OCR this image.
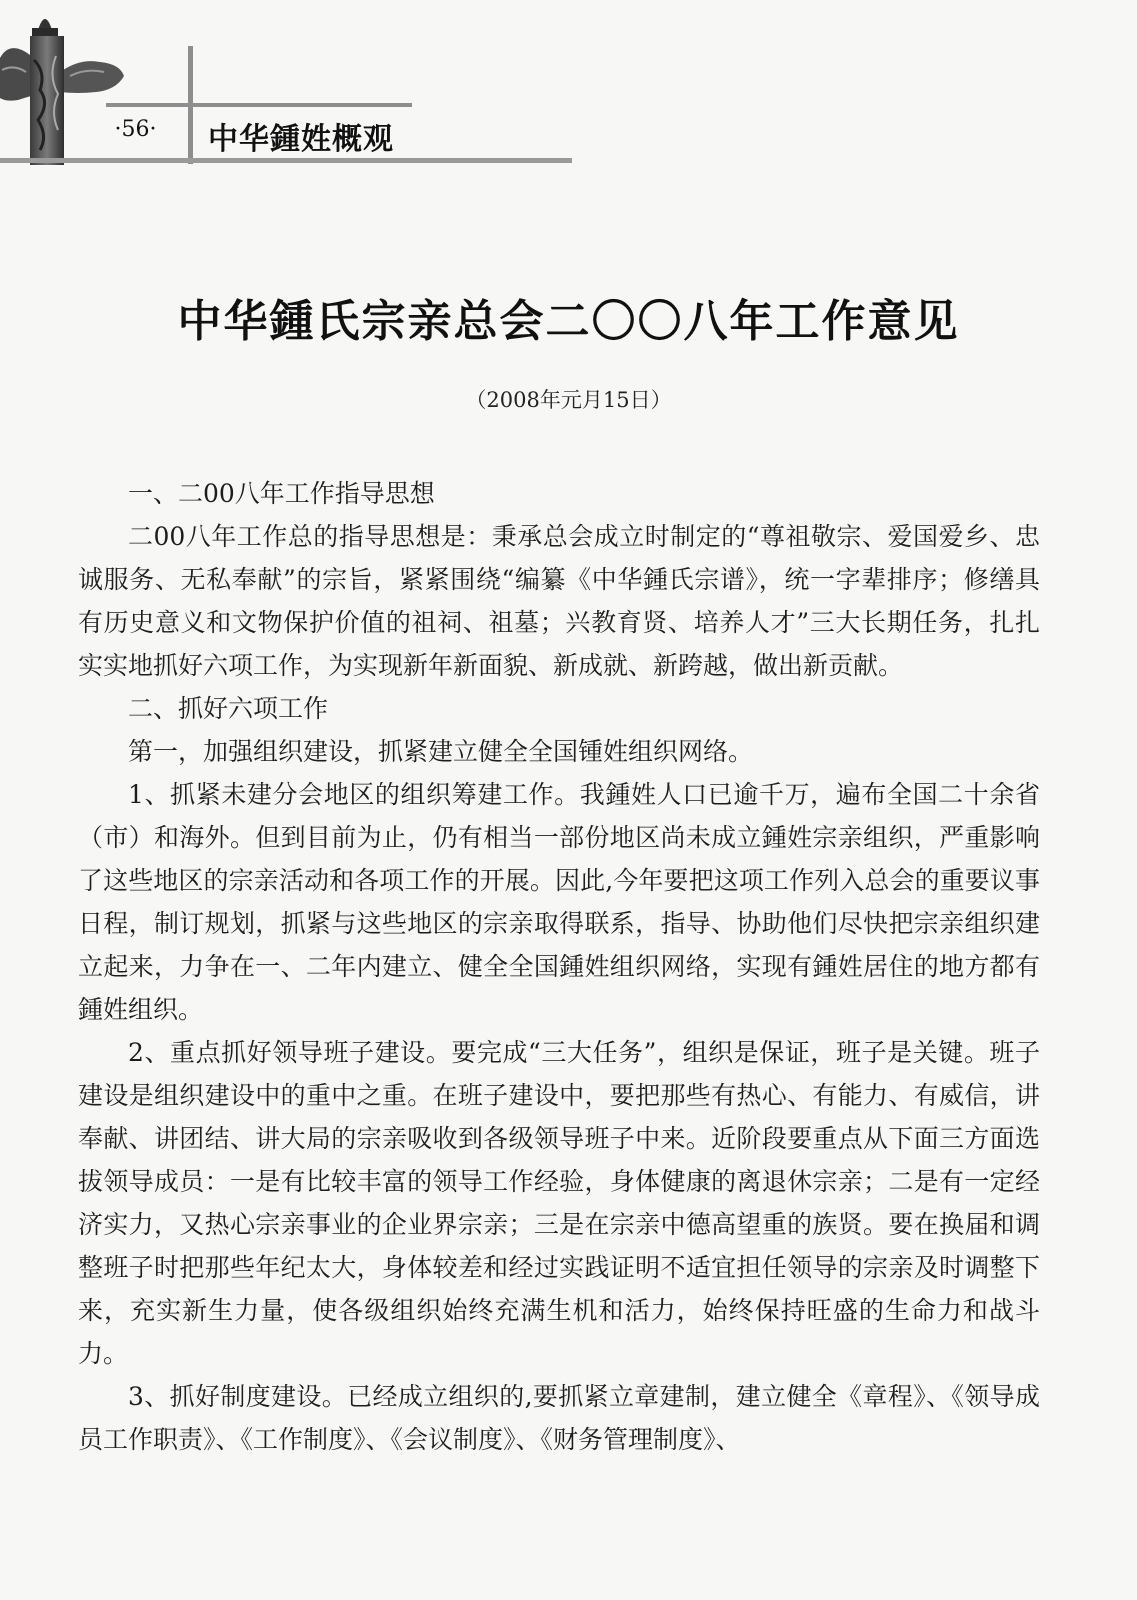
·56·	中华鍾姓概观
中华鍾氏宗亲总会二〇〇八年工作意见
（2008年元月15日）

一、二00八年工作指导思想

二00八年工作总的指导思想是：秉承总会成立时制定的“尊祖敬宗、爱国爱乡、忠诚服务、无私奉献”的宗旨，紧紧围绕“编纂《中华鍾氏宗谱》，统一字辈排序；修缮具有历史意义和文物保护价值的祖祠、祖墓；兴教育贤、培养人才”三大长期任务，扎扎实实地抓好六项工作，为实现新年新面貌、新成就、新跨越，做出新贡献。

二、抓好六项工作

第一，加强组织建设，抓紧建立健全全国锺姓组织网络。

1、抓紧未建分会地区的组织筹建工作。我鍾姓人口已逾千万，遍布全国二十余省（市）和海外。但到目前为止，仍有相当一部份地区尚未成立鍾姓宗亲组织，严重影响了这些地区的宗亲活动和各项工作的开展。因此,今年要把这项工作列入总会的重要议事日程，制订规划，抓紧与这些地区的宗亲取得联系，指导、协助他们尽快把宗亲组织建立起来，力争在一、二年内建立、健全全国鍾姓组织网络，实现有鍾姓居住的地方都有鍾姓组织。

2、重点抓好领导班子建设。要完成“三大任务”，组织是保证，班子是关键。班子建设是组织建设中的重中之重。在班子建设中，要把那些有热心、有能力、有威信，讲奉献、讲团结、讲大局的宗亲吸收到各级领导班子中来。近阶段要重点从下面三方面选拔领导成员：一是有比较丰富的领导工作经验，身体健康的离退休宗亲；二是有一定经济实力，又热心宗亲事业的企业界宗亲；三是在宗亲中德高望重的族贤。要在换届和调整班子时把那些年纪太大，身体较差和经过实践证明不适宜担任领导的宗亲及时调整下来，充实新生力量，使各级组织始终充满生机和活力，始终保持旺盛的生命力和战斗力。

3、抓好制度建设。已经成立组织的,要抓紧立章建制，建立健全《章程》、《领导成员工作职责》、《工作制度》、《会议制度》、《财务管理制度》、
